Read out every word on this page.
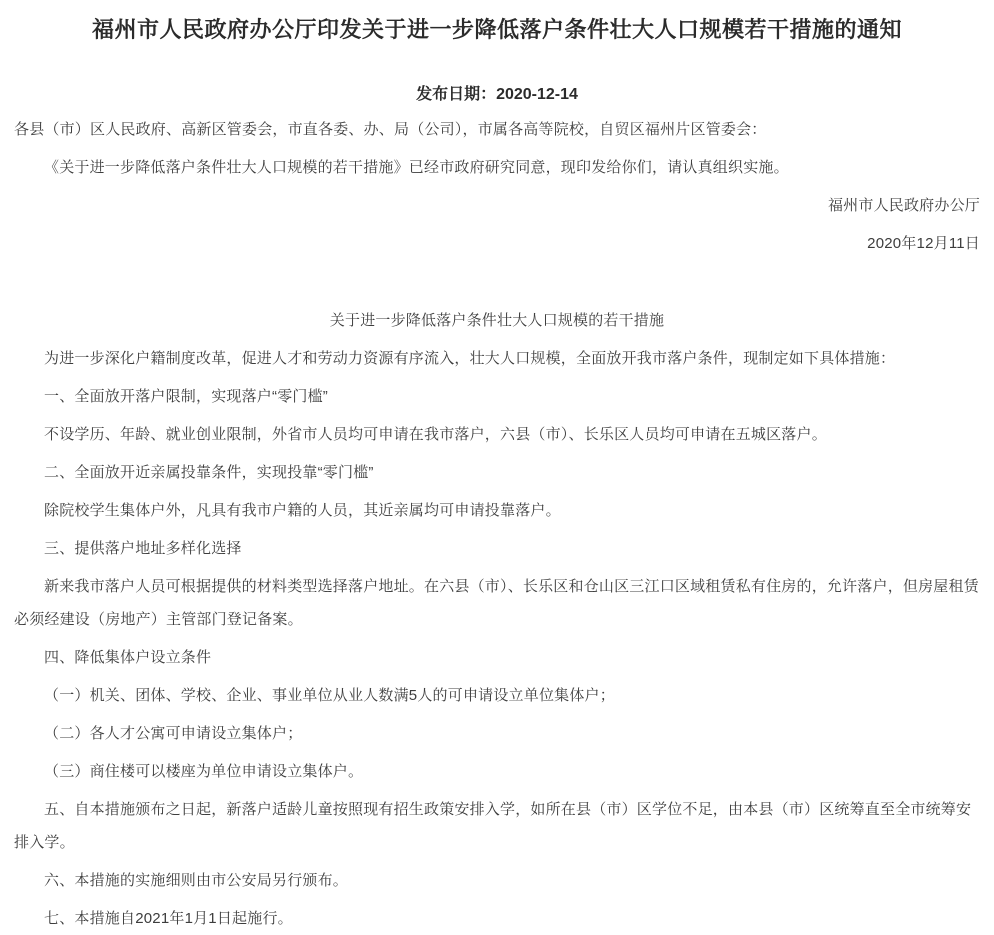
福州市人民政府办公厅印发关于进一步降低落户条件壮大人口规模若干措施的通知

发布日期：2020-12-14

各县（市）区人民政府、高新区管委会，市直各委、办、局（公司），市属各高等院校，自贸区福州片区管委会：

《关于进一步降低落户条件壮大人口规模的若干措施》已经市政府研究同意，现印发给你们，请认真组织实施。

福州市人民政府办公厅

2020年12月11日

关于进一步降低落户条件壮大人口规模的若干措施

为进一步深化户籍制度改革，促进人才和劳动力资源有序流入，壮大人口规模，全面放开我市落户条件，现制定如下具体措施：

一、全面放开落户限制，实现落户“零门槛”

不设学历、年龄、就业创业限制，外省市人员均可申请在我市落户，六县（市）、长乐区人员均可申请在五城区落户。

二、全面放开近亲属投靠条件，实现投靠“零门槛”

除院校学生集体户外，凡具有我市户籍的人员，其近亲属均可申请投靠落户。

三、提供落户地址多样化选择

新来我市落户人员可根据提供的材料类型选择落户地址。在六县（市）、长乐区和仓山区三江口区域租赁私有住房的，允许落户，但房屋租赁必须经建设（房地产）主管部门登记备案。

四、降低集体户设立条件

（一）机关、团体、学校、企业、事业单位从业人数满5人的可申请设立单位集体户；

（二）各人才公寓可申请设立集体户；

（三）商住楼可以楼座为单位申请设立集体户。

五、自本措施颁布之日起，新落户适龄儿童按照现有招生政策安排入学，如所在县（市）区学位不足，由本县（市）区统筹直至全市统筹安排入学。

六、本措施的实施细则由市公安局另行颁布。

七、本措施自2021年1月1日起施行。
